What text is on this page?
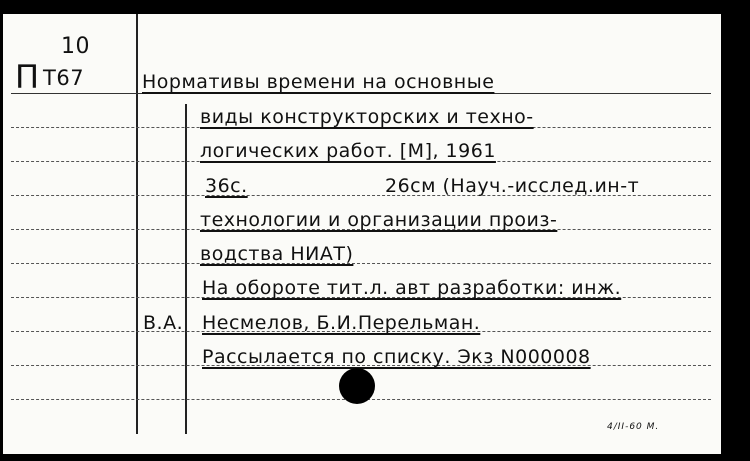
10
П Т67	Нормативы времени на основные
виды конструкторских и техно-
логических работ. [М], 1961
36с.	26см (Науч.-исслед.ин-т
технологии и организации произ-
водства НИАТ)
На обороте тит.л. авт разработки: инж.
В.А. Несмелов, Б.И.Перельман.
Рассылается по списку. Экз N000008
4/II-60 M.
